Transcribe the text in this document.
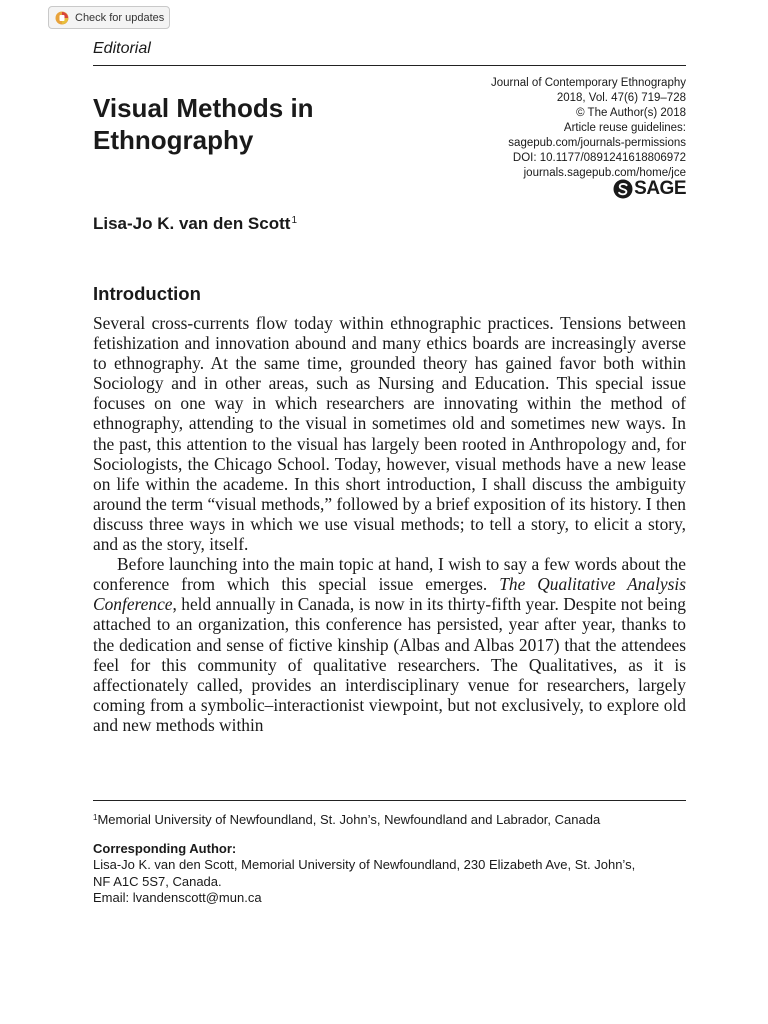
Check for updates
Editorial
Visual Methods in
Ethnography
Journal of Contemporary Ethnography
2018, Vol. 47(6) 719–728
© The Author(s) 2018
Article reuse guidelines:
sagepub.com/journals-permissions
DOI: 10.1177/0891241618806972
journals.sagepub.com/home/jce
SAGE
Lisa-Jo K. van den Scott$^1$
Introduction

Several cross-currents flow today within ethnographic practices. Tensions between fetishization and innovation abound and many ethics boards are increasingly averse to ethnography. At the same time, grounded theory has gained favor both within Sociology and in other areas, such as Nursing and Education. This special issue focuses on one way in which researchers are innovating within the method of ethnography, attending to the visual in sometimes old and sometimes new ways. In the past, this attention to the visual has largely been rooted in Anthropology and, for Sociologists, the Chicago School. Today, however, visual methods have a new lease on life within the academe. In this short introduction, I shall discuss the ambiguity around the term “visual methods,” followed by a brief exposition of its history. I then discuss three ways in which we use visual methods; to tell a story, to elicit a story, and as the story, itself.

Before launching into the main topic at hand, I wish to say a few words about the conference from which this special issue emerges. The Qualitative Analysis Conference, held annually in Canada, is now in its thirty-fifth year. Despite not being attached to an organization, this conference has persisted, year after year, thanks to the dedication and sense of fictive kinship (Albas and Albas 2017) that the attendees feel for this community of qualitative researchers. The Qualitatives, as it is affectionately called, provides an interdisciplinary venue for researchers, largely coming from a symbolic–interactionist viewpoint, but not exclusively, to explore old and new methods within

$^1$Memorial University of Newfoundland, St. John’s, Newfoundland and Labrador, Canada
Corresponding Author:
Lisa-Jo K. van den Scott, Memorial University of Newfoundland, 230 Elizabeth Ave, St. John’s,
NF A1C 5S7, Canada.
Email: lvandenscott@mun.ca
